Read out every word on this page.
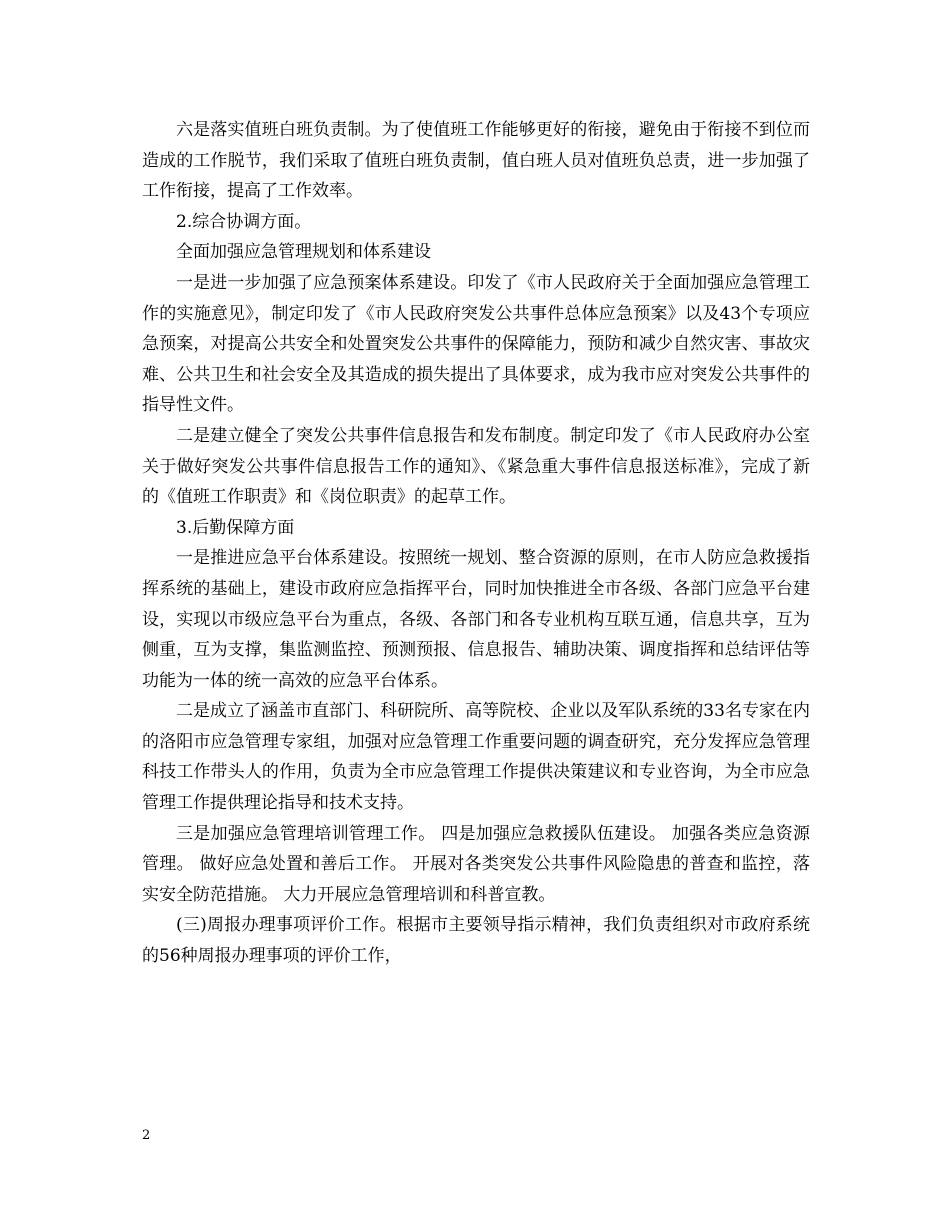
六是落实值班白班负责制。为了使值班工作能够更好的衔接，避免由于衔接不到位而造成的工作脱节，我们采取了值班白班负责制，值白班人员对值班负总责，进一步加强了工作衔接，提高了工作效率。

2.综合协调方面。

全面加强应急管理规划和体系建设

一是进一步加强了应急预案体系建设。印发了《市人民政府关于全面加强应急管理工作的实施意见》，制定印发了《市人民政府突发公共事件总体应急预案》以及43个专项应急预案，对提高公共安全和处置突发公共事件的保障能力，预防和减少自然灾害、事故灾难、公共卫生和社会安全及其造成的损失提出了具体要求，成为我市应对突发公共事件的指导性文件。

二是建立健全了突发公共事件信息报告和发布制度。制定印发了《市人民政府办公室关于做好突发公共事件信息报告工作的通知》、《紧急重大事件信息报送标准》，完成了新的《值班工作职责》和《岗位职责》的起草工作。

3.后勤保障方面

一是推进应急平台体系建设。按照统一规划、整合资源的原则，在市人防应急救援指挥系统的基础上，建设市政府应急指挥平台，同时加快推进全市各级、各部门应急平台建设，实现以市级应急平台为重点，各级、各部门和各专业机构互联互通，信息共享，互为侧重，互为支撑，集监测监控、预测预报、信息报告、辅助决策、调度指挥和总结评估等功能为一体的统一高效的应急平台体系。

二是成立了涵盖市直部门、科研院所、高等院校、企业以及军队系统的33名专家在内的洛阳市应急管理专家组，加强对应急管理工作重要问题的调查研究，充分发挥应急管理科技工作带头人的作用，负责为全市应急管理工作提供决策建议和专业咨询，为全市应急管理工作提供理论指导和技术支持。

三是加强应急管理培训管理工作。 四是加强应急救援队伍建设。 加强各类应急资源管理。 做好应急处置和善后工作。 开展对各类突发公共事件风险隐患的普查和监控，落实安全防范措施。 大力开展应急管理培训和科普宣教。

(三)周报办理事项评价工作。根据市主要领导指示精神，我们负责组织对市政府系统的56种周报办理事项的评价工作，

2
